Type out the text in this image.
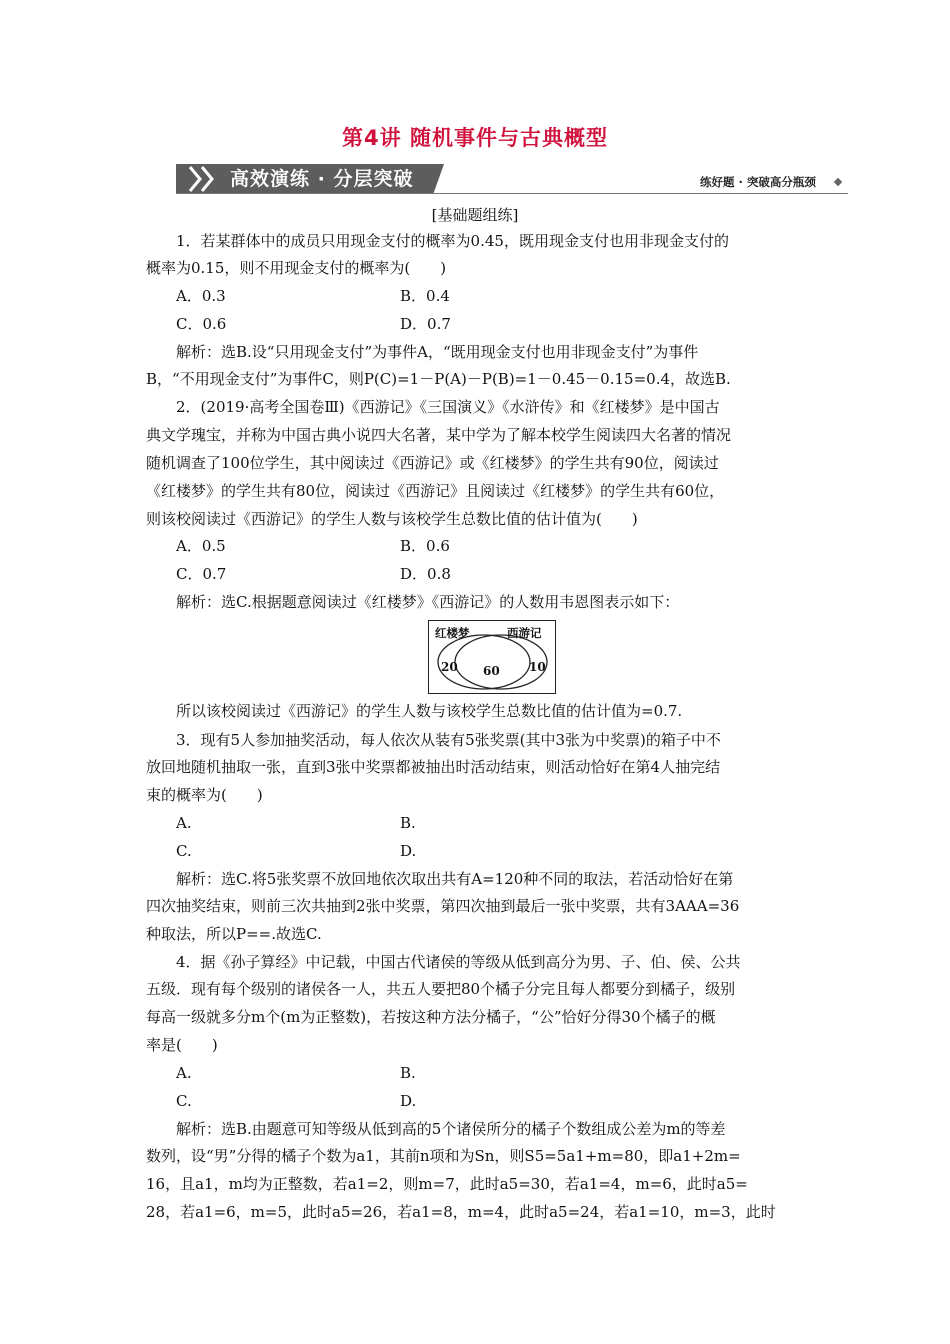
第4讲 随机事件与古典概型
高效演练 · 分层突破	练好题 · 突破高分瓶颈
[基础题组练]
1．若某群体中的成员只用现金支付的概率为0.45，既用现金支付也用非现金支付的
概率为0.15，则不用现金支付的概率为(　　)
A．0.3	B．0.4
C．0.6	D．0.7
解析：选B.设“只用现金支付”为事件A，“既用现金支付也用非现金支付”为事件
B，“不用现金支付”为事件C，则P(C)=1－P(A)－P(B)=1－0.45－0.15=0.4，故选B.
2．(2019·高考全国卷Ⅲ)《西游记》《三国演义》《水浒传》和《红楼梦》是中国古
典文学瑰宝，并称为中国古典小说四大名著，某中学为了解本校学生阅读四大名著的情况
随机调查了100位学生，其中阅读过《西游记》或《红楼梦》的学生共有90位，阅读过
《红楼梦》的学生共有80位，阅读过《西游记》且阅读过《红楼梦》的学生共有60位，
则该校阅读过《西游记》的学生人数与该校学生总数比值的估计值为(　　)
A．0.5	B．0.6
C．0.7	D．0.8
解析：选C.根据题意阅读过《红楼梦》《西游记》的人数用韦恩图表示如下：
红楼梦	西游记
20 60 10
所以该校阅读过《西游记》的学生人数与该校学生总数比值的估计值为=0.7.
3．现有5人参加抽奖活动，每人依次从装有5张奖票(其中3张为中奖票)的箱子中不
放回地随机抽取一张，直到3张中奖票都被抽出时活动结束，则活动恰好在第4人抽完结
束的概率为(　　)
A.	B.
C.	D.
解析：选C.将5张奖票不放回地依次取出共有A=120种不同的取法，若活动恰好在第
四次抽奖结束，则前三次共抽到2张中奖票，第四次抽到最后一张中奖票，共有3AAA=36
种取法，所以P==.故选C.
4．据《孙子算经》中记载，中国古代诸侯的等级从低到高分为男、子、伯、侯、公共
五级．现有每个级别的诸侯各一人，共五人要把80个橘子分完且每人都要分到橘子，级别
每高一级就多分m个(m为正整数)，若按这种方法分橘子，“公”恰好分得30个橘子的概
率是(　　)
A.	B.
C.	D.
解析：选B.由题意可知等级从低到高的5个诸侯所分的橘子个数组成公差为m的等差
数列，设“男”分得的橘子个数为a1，其前n项和为Sn，则S5=5a1+m=80，即a1+2m=
16，且a1，m均为正整数，若a1=2，则m=7，此时a5=30，若a1=4，m=6，此时a5=
28，若a1=6，m=5，此时a5=26，若a1=8，m=4，此时a5=24，若a1=10，m=3，此时
